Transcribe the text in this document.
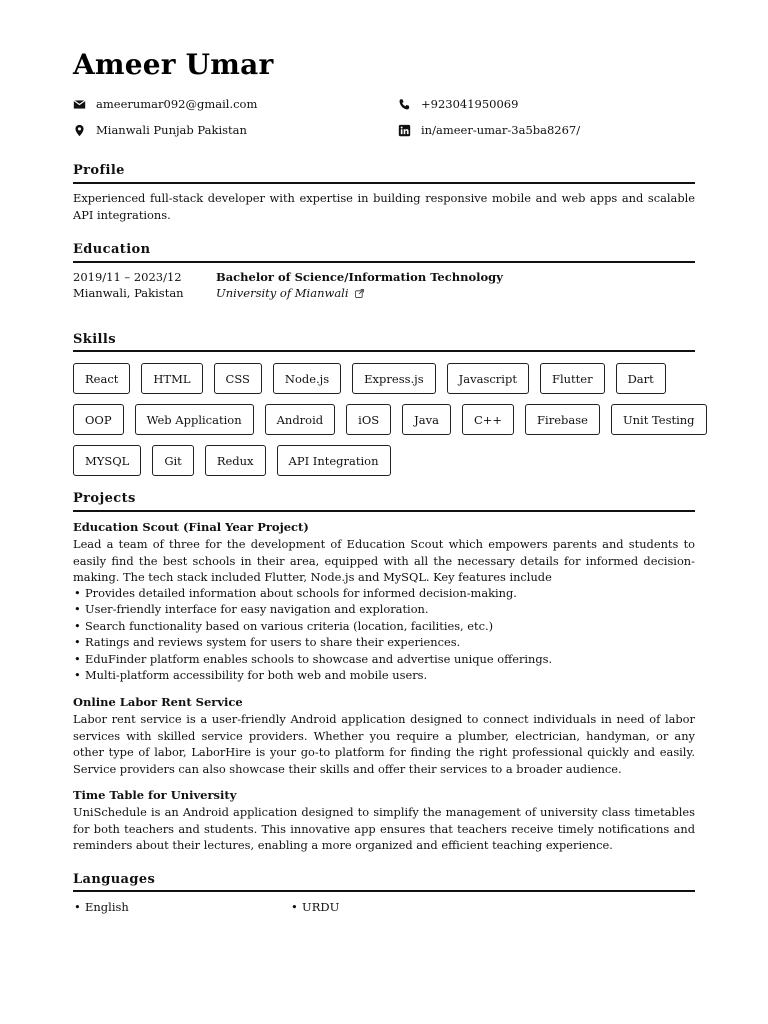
Ameer Umar
ameerumar092@gmail.com	+923041950069
Mianwali Punjab Pakistan	in/ameer-umar-3a5ba8267/
Profile
Experienced full-stack developer with expertise in building responsive mobile and web apps and scalable API integrations.
Education
2019/11 – 2023/12
Mianwali, Pakistan
Bachelor of Science/Information Technology
University of Mianwali
Skills
React	HTML	CSS	Node.js	Express.js	Javascript	Flutter	Dart
OOP	Web Application	Android	iOS	Java	C++	Firebase	Unit Testing
MYSQL	Git	Redux	API Integration
Projects
Education Scout (Final Year Project)
Lead a team of three for the development of Education Scout which empowers parents and students to easily find the best schools in their area, equipped with all the necessary details for informed decision-making. The tech stack included Flutter, Node.js and MySQL. Key features include
• Provides detailed information about schools for informed decision-making.
• User-friendly interface for easy navigation and exploration.
• Search functionality based on various criteria (location, facilities, etc.)
• Ratings and reviews system for users to share their experiences.
• EduFinder platform enables schools to showcase and advertise unique offerings.
• Multi-platform accessibility for both web and mobile users.
Online Labor Rent Service
Labor rent service is a user-friendly Android application designed to connect individuals in need of labor services with skilled service providers. Whether you require a plumber, electrician, handyman, or any other type of labor, LaborHire is your go-to platform for finding the right professional quickly and easily. Service providers can also showcase their skills and offer their services to a broader audience.
Time Table for University
UniSchedule is an Android application designed to simplify the management of university class timetables for both teachers and students. This innovative app ensures that teachers receive timely notifications and reminders about their lectures, enabling a more organized and efficient teaching experience.
Languages
• English
•	URDU
